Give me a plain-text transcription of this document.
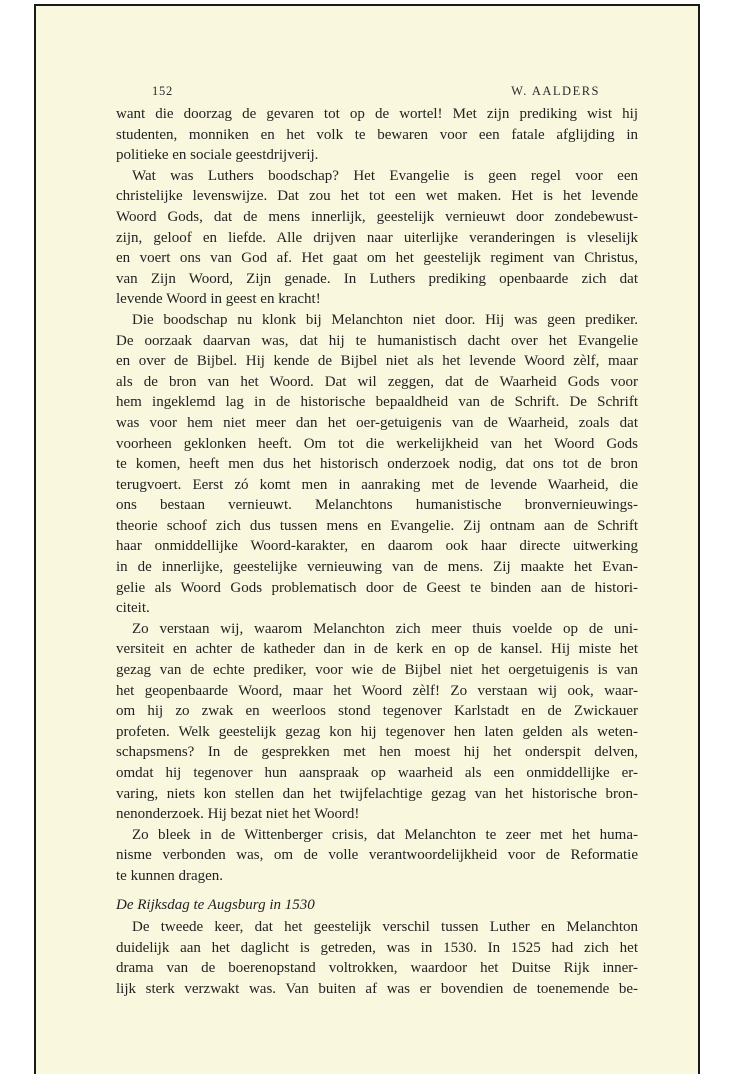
152	W. AALDERS
want die doorzag de gevaren tot op de wortel! Met zijn prediking wist hij
studenten, monniken en het volk te bewaren voor een fatale afglijding in
politieke en sociale geestdrijverij.
Wat was Luthers boodschap? Het Evangelie is geen regel voor een
christelijke levenswijze. Dat zou het tot een wet maken. Het is het levende
Woord Gods, dat de mens innerlijk, geestelijk vernieuwt door zondebewust-
zijn, geloof en liefde. Alle drijven naar uiterlijke veranderingen is vleselijk
en voert ons van God af. Het gaat om het geestelijk regiment van Christus,
van Zijn Woord, Zijn genade. In Luthers prediking openbaarde zich dat
levende Woord in geest en kracht!
Die boodschap nu klonk bij Melanchton niet door. Hij was geen prediker.
De oorzaak daarvan was, dat hij te humanistisch dacht over het Evangelie
en over de Bijbel. Hij kende de Bijbel niet als het levende Woord zèlf, maar
als de bron van het Woord. Dat wil zeggen, dat de Waarheid Gods voor
hem ingeklemd lag in de historische bepaaldheid van de Schrift. De Schrift
was voor hem niet meer dan het oer-getuigenis van de Waarheid, zoals dat
voorheen geklonken heeft. Om tot die werkelijkheid van het Woord Gods
te komen, heeft men dus het historisch onderzoek nodig, dat ons tot de bron
terugvoert. Eerst zó komt men in aanraking met de levende Waarheid, die
ons bestaan vernieuwt. Melanchtons humanistische bronvernieuwings-
theorie schoof zich dus tussen mens en Evangelie. Zij ontnam aan de Schrift
haar onmiddellijke Woord-karakter, en daarom ook haar directe uitwerking
in de innerlijke, geestelijke vernieuwing van de mens. Zij maakte het Evan-
gelie als Woord Gods problematisch door de Geest te binden aan de histori-
citeit.
Zo verstaan wij, waarom Melanchton zich meer thuis voelde op de uni-
versiteit en achter de katheder dan in de kerk en op de kansel. Hij miste het
gezag van de echte prediker, voor wie de Bijbel niet het oergetuigenis is van
het geopenbaarde Woord, maar het Woord zèlf! Zo verstaan wij ook, waar-
om hij zo zwak en weerloos stond tegenover Karlstadt en de Zwickauer
profeten. Welk geestelijk gezag kon hij tegenover hen laten gelden als weten-
schapsmens? In de gesprekken met hen moest hij het onderspit delven,
omdat hij tegenover hun aanspraak op waarheid als een onmiddellijke er-
varing, niets kon stellen dan het twijfelachtige gezag van het historische bron-
nenonderzoek. Hij bezat niet het Woord!
Zo bleek in de Wittenberger crisis, dat Melanchton te zeer met het huma-
nisme verbonden was, om de volle verantwoordelijkheid voor de Reformatie
te kunnen dragen.
De Rijksdag te Augsburg in 1530
De tweede keer, dat het geestelijk verschil tussen Luther en Melanchton
duidelijk aan het daglicht is getreden, was in 1530. In 1525 had zich het
drama van de boerenopstand voltrokken, waardoor het Duitse Rijk inner-
lijk sterk verzwakt was. Van buiten af was er bovendien de toenemende be-
